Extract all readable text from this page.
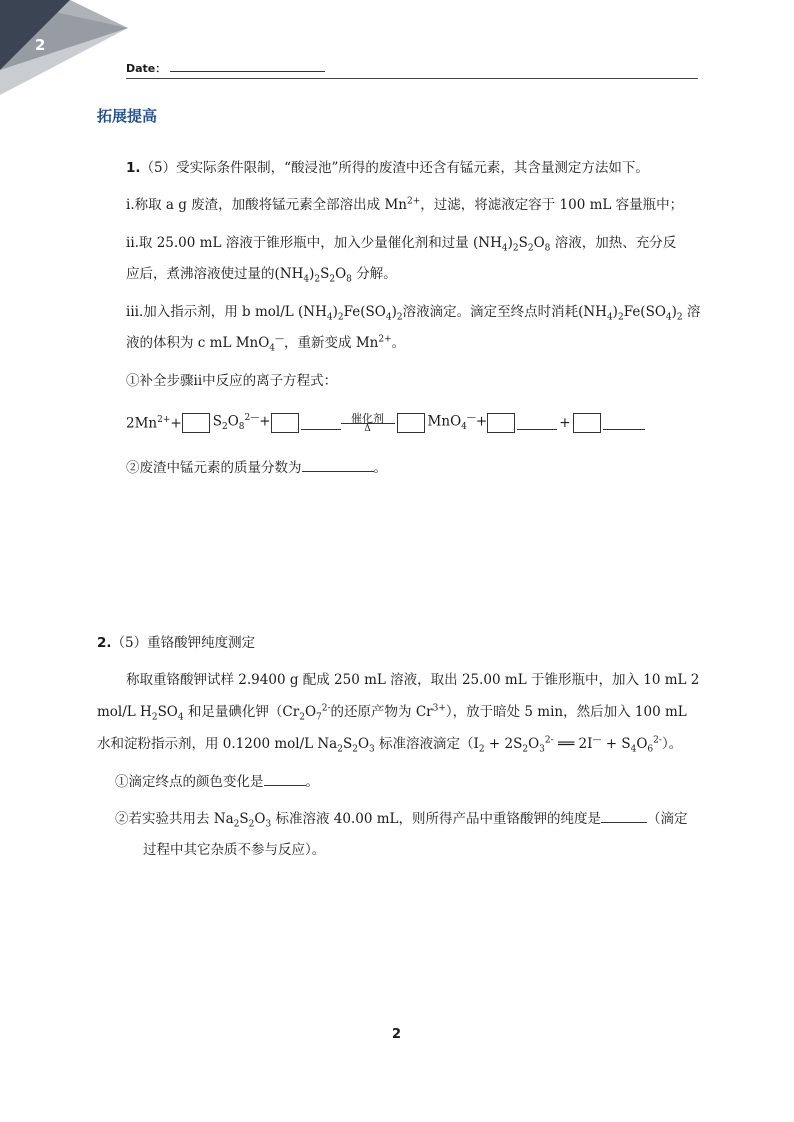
2
Date：
拓展提高
1.（5）受实际条件限制，“酸浸池”所得的废渣中还含有锰元素，其含量测定方法如下。
i.称取 a g 废渣，加酸将锰元素全部溶出成 $Mn^{2+}$，过滤，将滤液定容于 100 mL 容量瓶中；
ii.取 25.00 mL 溶液于锥形瓶中，加入少量催化剂和过量 $(NH_4)_2S_2O_8$ 溶液，加热、充分反
应后，煮沸溶液使过量的$(NH_4)_2S_2O_8$ 分解。
iii.加入指示剂，用 b mol/L $(NH_4)_2Fe(SO_4)_2$溶液滴定。滴定至终点时消耗$(NH_4)_2Fe(SO_4)_2$ 溶
液的体积为 c mL MnO$_4$—，重新变成 $Mn^{2+}$。
①补全步骤ii中反应的离子方程式：
$2Mn^{2+}+ S_2O_8^{2—}+$	催化剂
Δ	MnO$_4$—+	+
②废渣中锰元素的质量分数为	。
2.（5）重铬酸钾纯度测定
称取重铬酸钾试样 2.9400 g 配成 250 mL 溶液，取出 25.00 mL 于锥形瓶中，加入 10 mL 2
mol/L $H_2SO_4$ 和足量碘化钾（$Cr_2O_7^{2-}$的还原产物为 $Cr^{3+}$），放于暗处 5 min，然后加入 100 mL
水和淀粉指示剂，用 0.1200 mol/L $Na_2S_2O_3$ 标准溶液滴定（$I_2 + 2S_2O_3^{2-}$ ══ $2I^— + S_4O_6^{2-}$）。
①滴定终点的颜色变化是	。
②若实验共用去 $Na_2S_2O_3$ 标准溶液 40.00 mL，则所得产品中重铬酸钾的纯度是	（滴定
过程中其它杂质不参与反应）。
2
